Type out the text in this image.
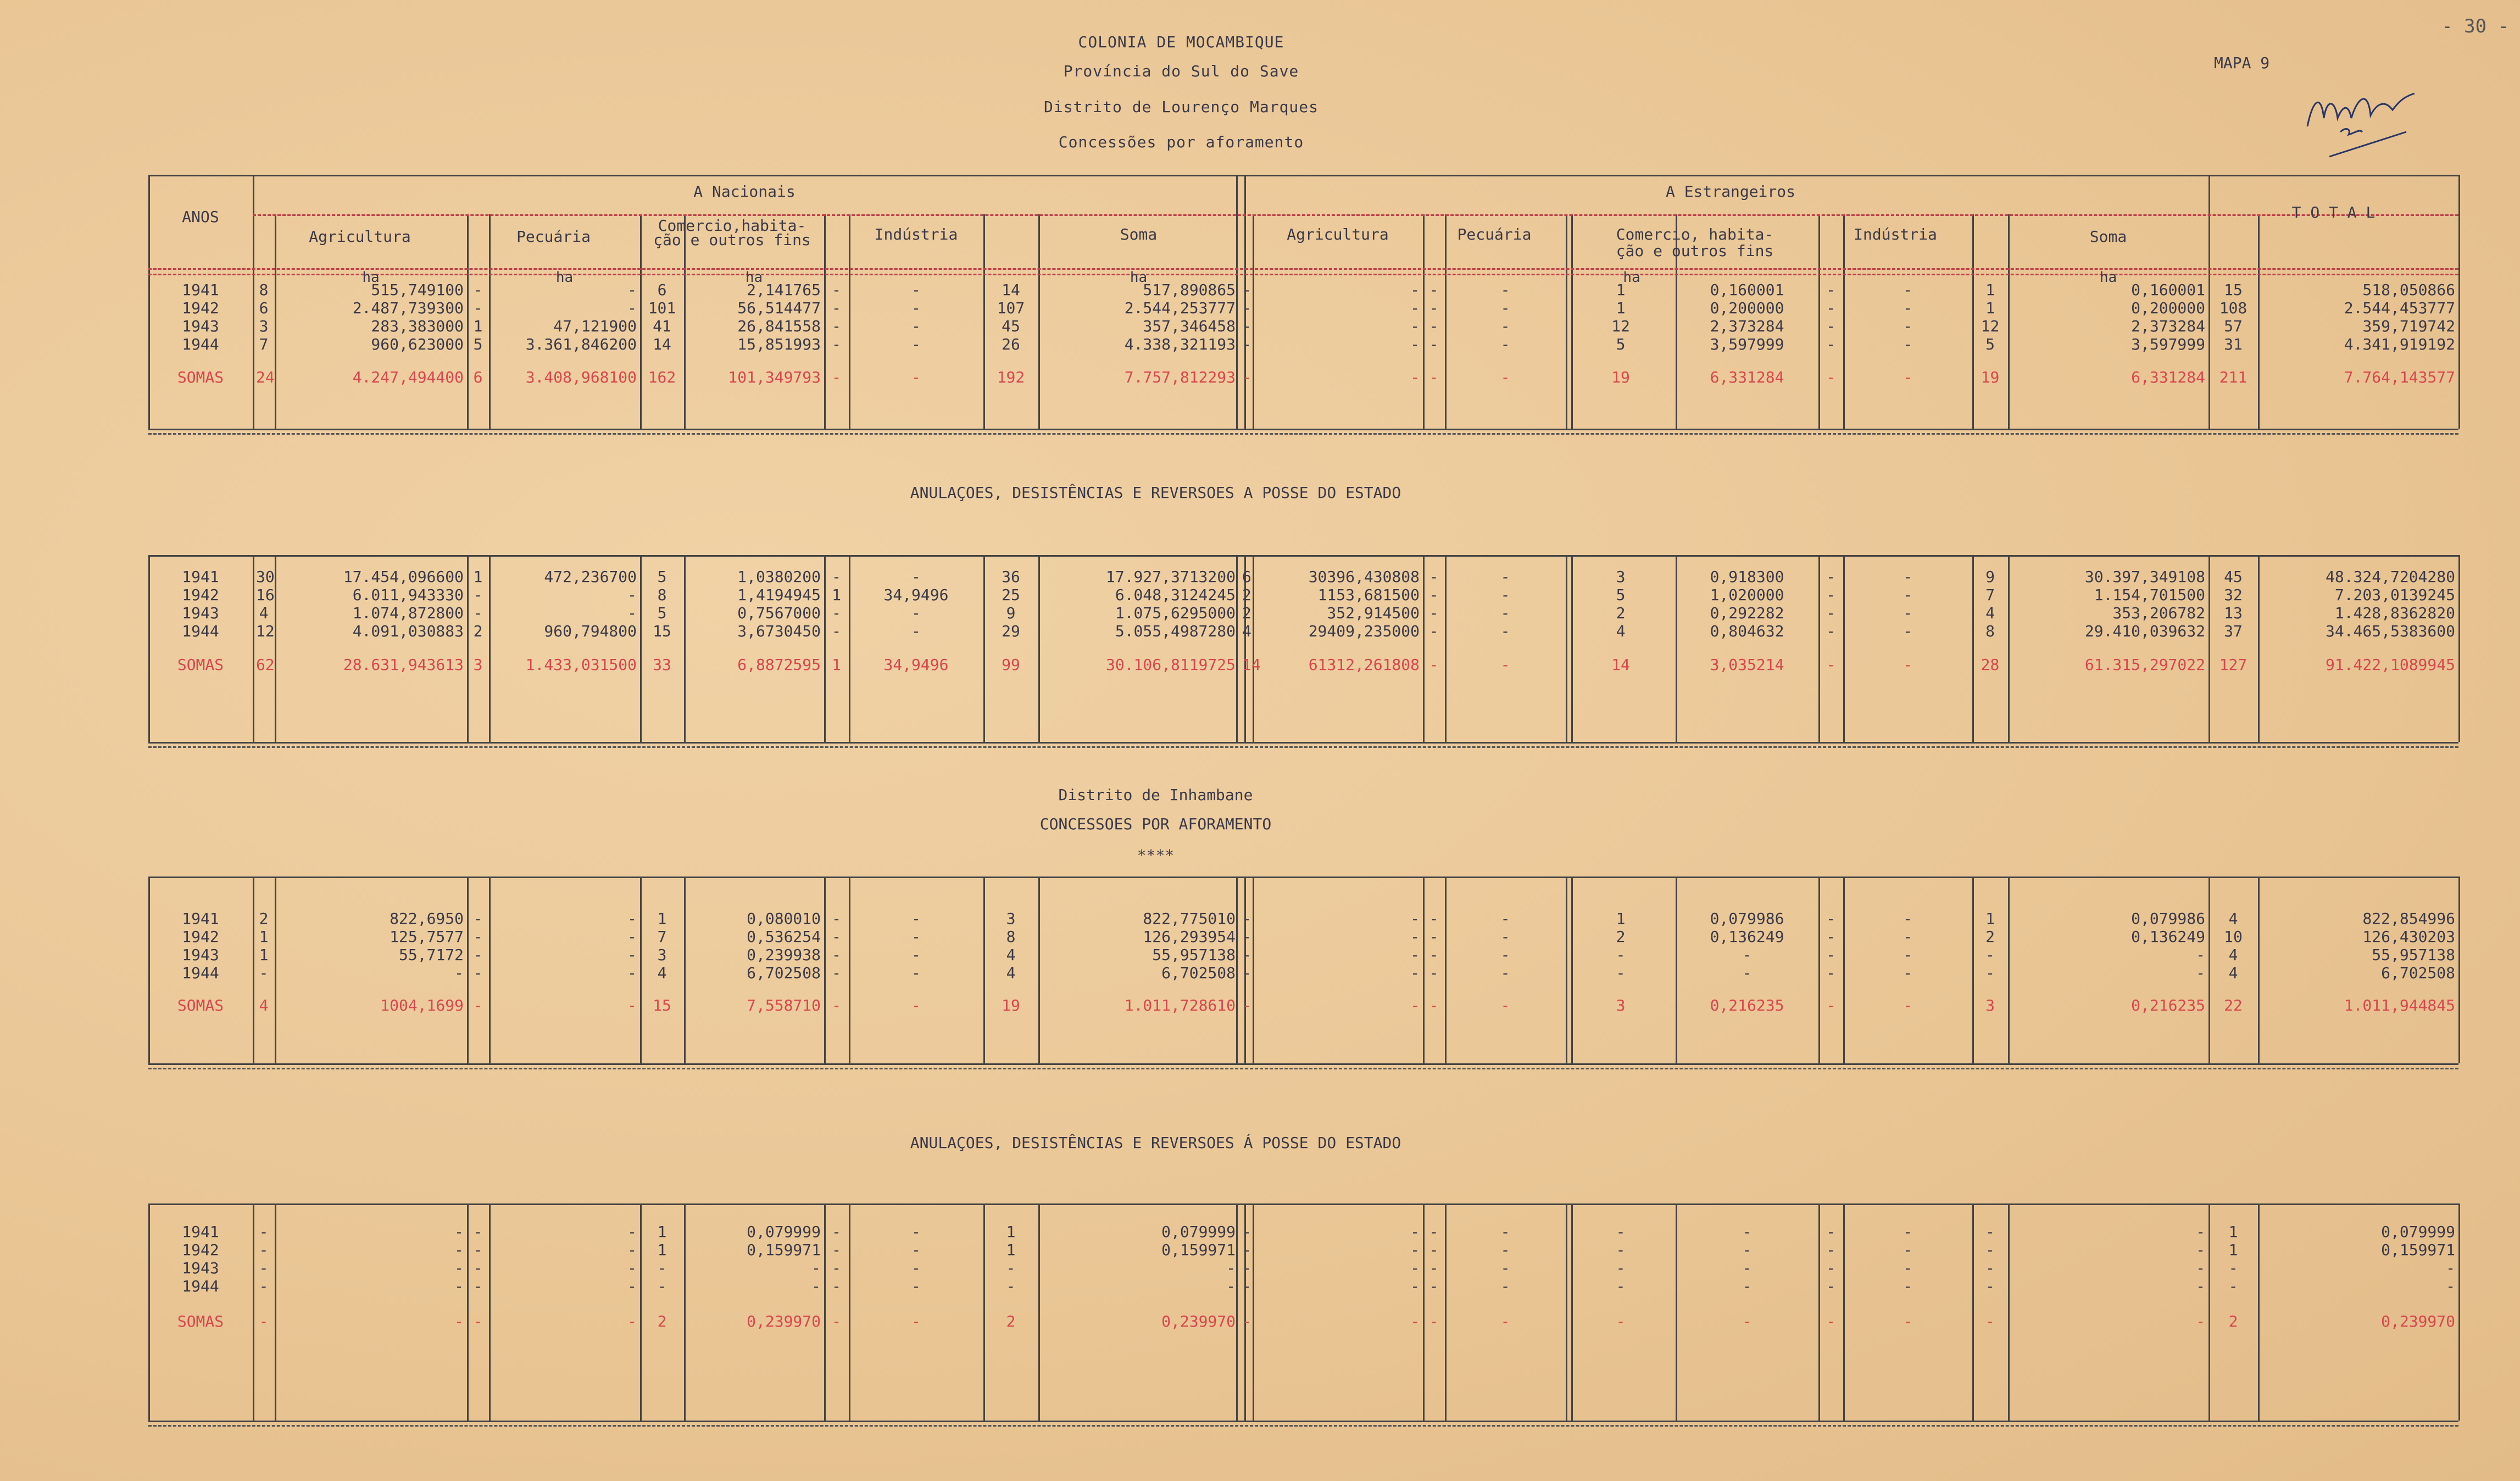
- 30 -
MAPA 9
COLONIA DE MOCAMBIQUE
Província do Sul do Save
Distrito de Lourenço Marques
Concessões por aforamento
ANOS
A Nacionais	A Estrangeiros
T O T A L
Agricultura	Pecuária
Comercio,habita-
ção e outros fins	Indústria	Soma	Agricultura	Pecuária	Comercio, habita-
ção e outros fins
Indústria	Soma
ha	ha	ha	ha	ha	ha
1941	8	515,749100 -	-	6	2,141765 -	-	14	517,890865 -	- -	-	1	0,160001	-	-	1	0,160001	15	518,050866
1942	6	2.487,739300 -	- 101	56,514477 -	-	107	2.544,253777 -	- -	-	1	0,200000	-	-	1	0,200000 108	2.544,453777
1943	3	283,383000 1	47,121900	41	26,841558 -	-	45	357,346458 -	- -	-	12	2,373284	-	-	12	2,373284	57	359,719742
1944	7	960,623000 5	3.361,846200	14	15,851993 -	-	26	4.338,321193 -	- -	-	5	3,597999	-	-	5	3,597999	31	4.341,919192
SOMAS	24	4.247,494400 6	3.408,968100 162	101,349793 -	-	192	7.757,812293 -	- -	-	19	6,331284	-	-	19	6,331284 211	7.764,143577
1941	30	17.454,096600 1	472,236700	5	1,0380200 -	-	36	17.927,3713200 6	30396,430808 -	-	3	0,918300	-	-	9	30.397,349108	45	48.324,7204280
1942	16	6.011,943330 -	-	8	1,4194945 1	34,9496	25	6.048,3124245 2	1153,681500 -	-	5	1,020000	-	-	7	1.154,701500	32	7.203,0139245
1943	4	1.074,872800 -	-	5	0,7567000 -	-	9	1.075,6295000 2	352,914500 -	-	2	0,292282	-	-	4	353,206782	13	1.428,8362820
1944	12	4.091,030883 2	960,794800	15	3,6730450 -	-	29	5.055,4987280 4	29409,235000 -	-	4	0,804632	-	-	8	29.410,039632	37	34.465,5383600
SOMAS	62	28.631,943613 3	1.433,031500	33	6,8872595 1	34,9496	99	30.106,8119725 14	61312,261808 -	-	14	3,035214	-	-	28	61.315,297022 127	91.422,1089945
1941	2	822,6950 -	-	1	0,080010 -	-	3	822,775010 -	- -	-	1	0,079986	-	-	1	0,079986	4	822,854996
1942	1	125,7577 -	-	7	0,536254 -	-	8	126,293954 -	- -	-	2	0,136249	-	-	2	0,136249	10	126,430203
1943	1	55,7172 -	-	3	0,239938 -	-	4	55,957138 -	- -	-	-	-	-	-	-	-	4	55,957138
1944	-	- -	-	4	6,702508 -	-	4	6,702508 -	- -	-	-	-	-	-	-	-	4	6,702508
SOMAS	4	1004,1699 -	-	15	7,558710 -	-	19	1.011,728610 -	- -	-	3	0,216235	-	-	3	0,216235	22	1.011,944845
1941	-	- -	-	1	0,079999 -	-	1	0,079999 -	- -	-	-	-	-	-	-	-	1	0,079999
1942	-	- -	-	1	0,159971 -	-	1	0,159971 -	- -	-	-	-	-	-	-	-	1	0,159971
1943	-	- -	-	-	- -	-	-	- -	- -	-	-	-	-	-	-	-	-	-
1944	-	- -	-	-	- -	-	-	- -	- -	-	-	-	-	-	-	-	-	-
SOMAS	-	- -	-	2	0,239970 -	-	2	0,239970 -	- -	-	-	-	-	-	-	-	2	0,239970
ANULAÇOES, DESISTÊNCIAS E REVERSOES A POSSE DO ESTADO
Distrito de Inhambane
CONCESSOES POR AFORAMENTO
****
ANULAÇOES, DESISTÊNCIAS E REVERSOES Á POSSE DO ESTADO
